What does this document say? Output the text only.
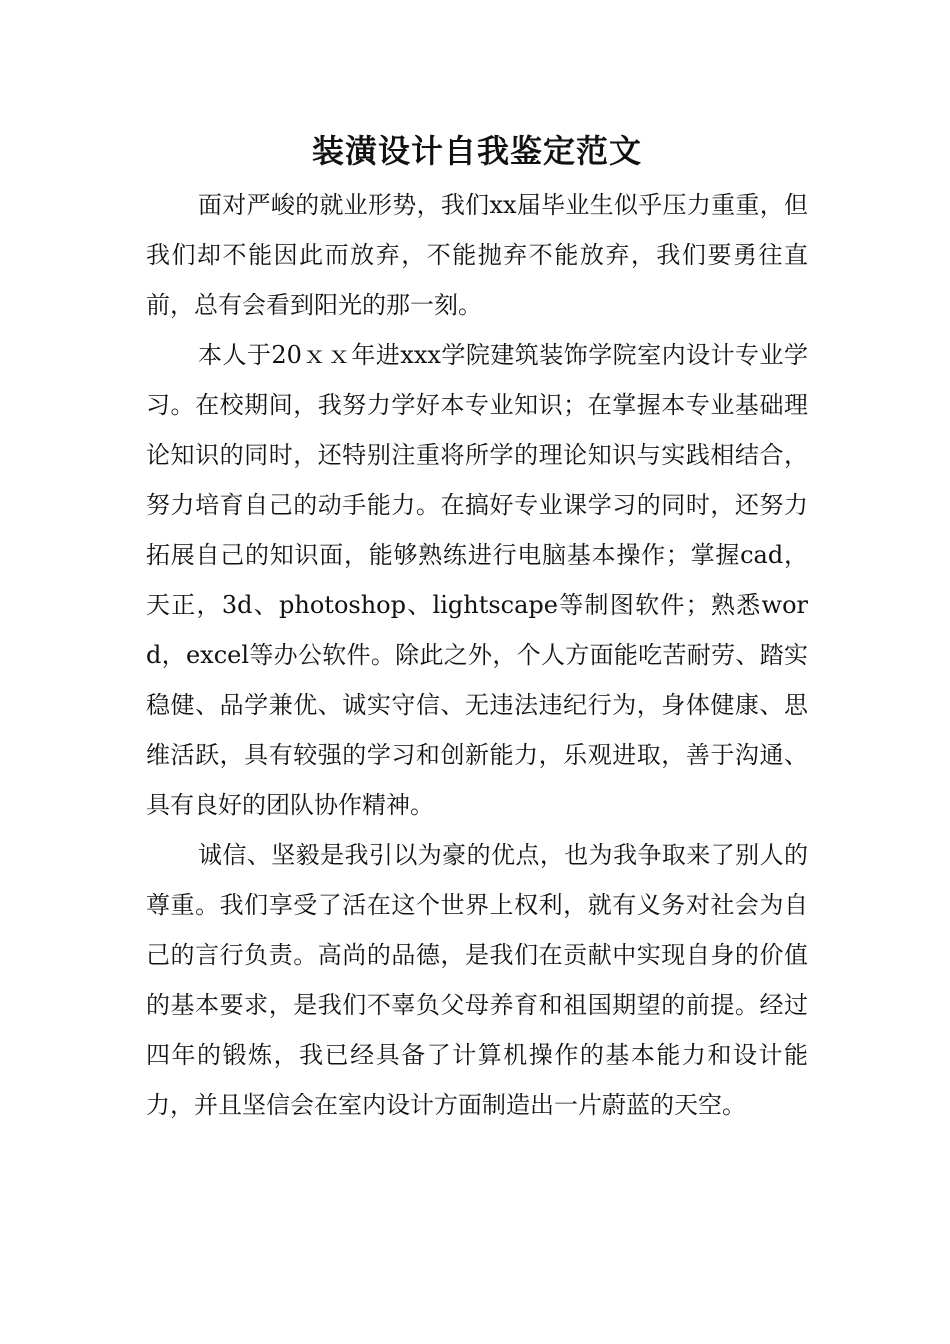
装潢设计自我鉴定范文

面对严峻的就业形势，我们xx届毕业生似乎压力重重，但我们却不能因此而放弃，不能抛弃不能放弃，我们要勇往直前，总有会看到阳光的那一刻。

本人于20ｘｘ年进xxx学院建筑装饰学院室内设计专业学习。在校期间，我努力学好本专业知识；在掌握本专业基础理论知识的同时，还特别注重将所学的理论知识与实践相结合，努力培育自己的动手能力。在搞好专业课学习的同时，还努力拓展自己的知识面，能够熟练进行电脑基本操作；掌握cad，天正，3d、photoshop、lightscape等制图软件；熟悉word，excel等办公软件。除此之外，个人方面能吃苦耐劳、踏实稳健、品学兼优、诚实守信、无违法违纪行为，身体健康、思维活跃，具有较强的学习和创新能力，乐观进取，善于沟通、具有良好的团队协作精神。

诚信、坚毅是我引以为豪的优点，也为我争取来了别人的尊重。我们享受了活在这个世界上权利，就有义务对社会为自己的言行负责。高尚的品德，是我们在贡献中实现自身的价值的基本要求，是我们不辜负父母养育和祖国期望的前提。经过四年的锻炼，我已经具备了计算机操作的基本能力和设计能力，并且坚信会在室内设计方面制造出一片蔚蓝的天空。
